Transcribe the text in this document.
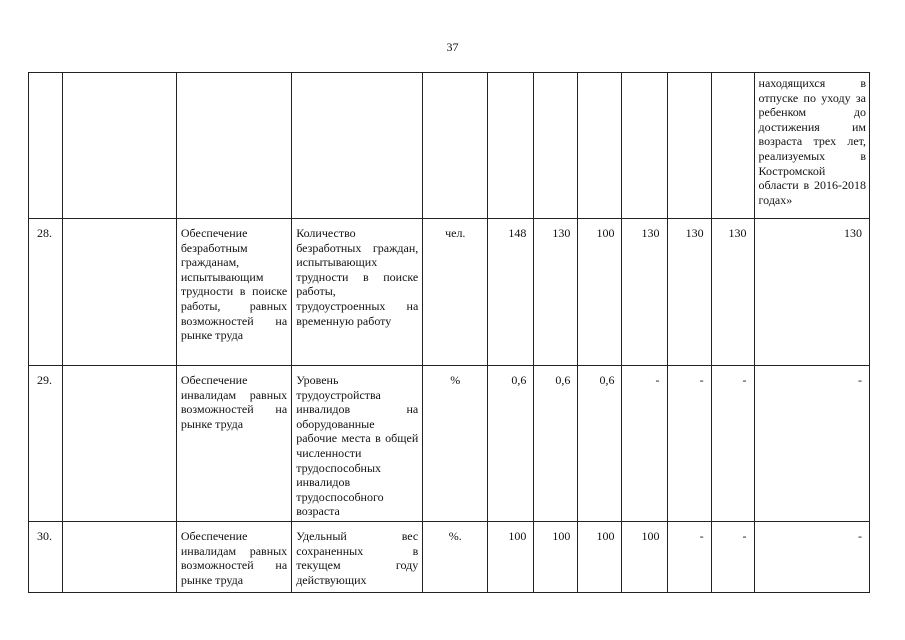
37
											находящихся в отпуске по уходу за ребенком до достижения им возраста трех лет, реализуемых в Костромской области в 2016-2018 годах»
28.		Обеспечение безработным гражданам, испытывающим трудности в поиске работы, равных возможностей на рынке труда	Количество безработных граждан, испытывающих трудности в поиске работы, трудоустроенных на временную работу	чел.	148	130	100	130	130	130	130
29.		Обеспечение инвалидам равных возможностей на рынке труда	Уровень трудоустройства инвалидов на оборудованные рабочие места в общей численности трудоспособных инвалидов трудоспособного возраста	%	0,6	0,6	0,6	-	-	-	-
30.		Обеспечение инвалидам равных возможностей на рынке труда	Удельный вес сохраненных в текущем году действующих	%.	100	100	100	100	-	-	-
